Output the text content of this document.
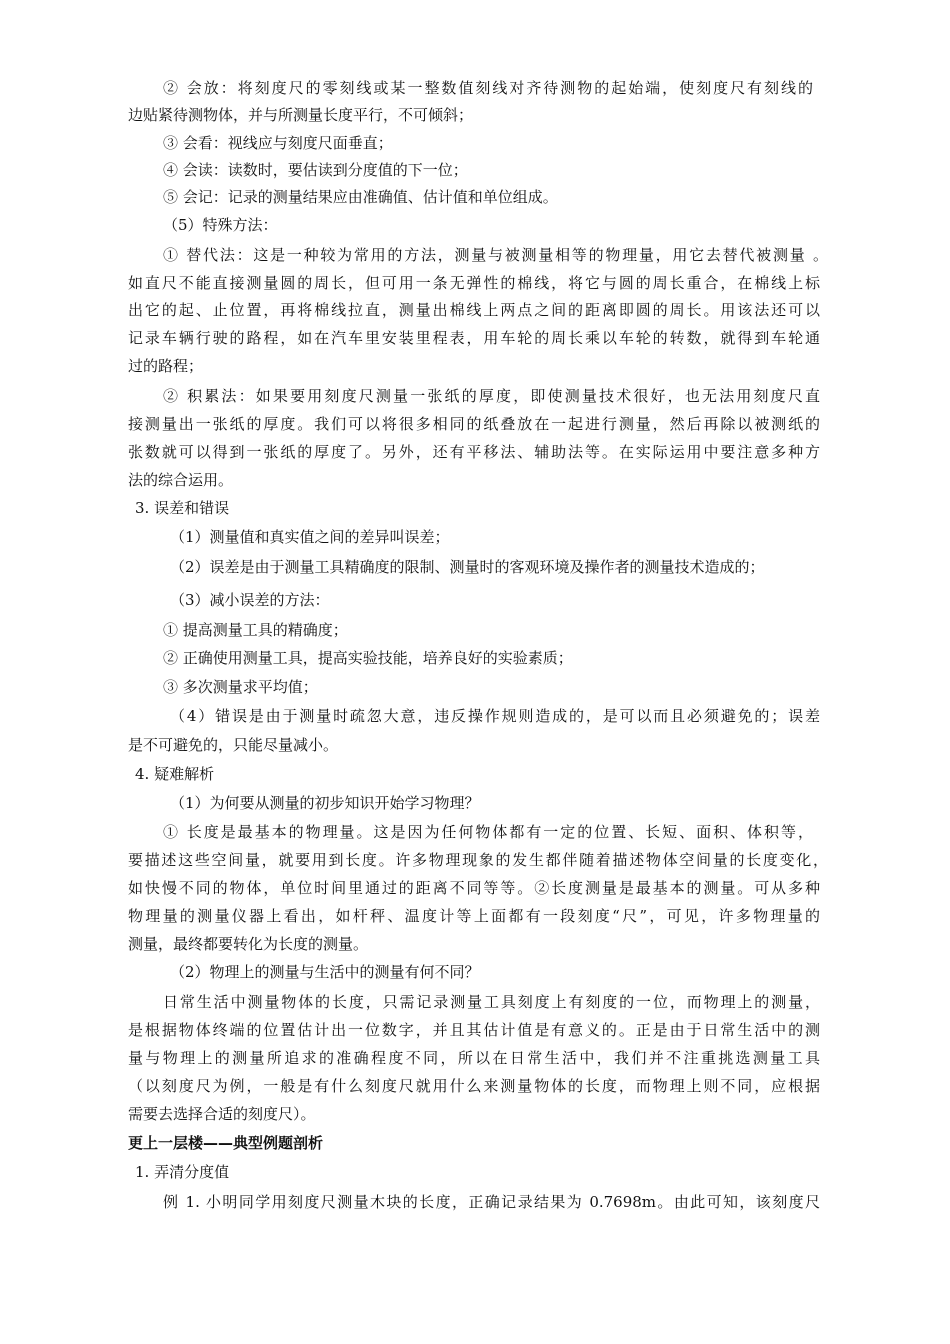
② 会放：将刻度尺的零刻线或某一整数值刻线对齐待测物的起始端，使刻度尺有刻线的
边贴紧待测物体，并与所测量长度平行，不可倾斜；
③ 会看：视线应与刻度尺面垂直；
④ 会读：读数时，要估读到分度值的下一位；
⑤ 会记：记录的测量结果应由准确值、估计值和单位组成。
（5）特殊方法：
① 替代法：这是一种较为常用的方法，测量与被测量相等的物理量，用它去替代被测量 。
如直尺不能直接测量圆的周长，但可用一条无弹性的棉线，将它与圆的周长重合，在棉线上标
出它的起、止位置，再将棉线拉直，测量出棉线上两点之间的距离即圆的周长。用该法还可以
记录车辆行驶的路程，如在汽车里安装里程表，用车轮的周长乘以车轮的转数，就得到车轮通
过的路程；
② 积累法：如果要用刻度尺测量一张纸的厚度，即使测量技术很好，也无法用刻度尺直
接测量出一张纸的厚度。我们可以将很多相同的纸叠放在一起进行测量，然后再除以被测纸的
张数就可以得到一张纸的厚度了。另外，还有平移法、辅助法等。在实际运用中要注意多种方
法的综合运用。
3. 误差和错误
（1）测量值和真实值之间的差异叫误差；
（2）误差是由于测量工具精确度的限制、测量时的客观环境及操作者的测量技术造成的；
（3）减小误差的方法：
① 提高测量工具的精确度；
② 正确使用测量工具，提高实验技能，培养良好的实验素质；
③ 多次测量求平均值；
（4）错误是由于测量时疏忽大意，违反操作规则造成的，是可以而且必须避免的；误差
是不可避免的，只能尽量减小。
4. 疑难解析
（1）为何要从测量的初步知识开始学习物理？
① 长度是最基本的物理量。这是因为任何物体都有一定的位置、长短、面积、体积等，
要描述这些空间量，就要用到长度。许多物理现象的发生都伴随着描述物体空间量的长度变化，
如快慢不同的物体，单位时间里通过的距离不同等等。②长度测量是最基本的测量。可从多种
物理量的测量仪器上看出，如杆秤、温度计等上面都有一段刻度“尺”，可见，许多物理量的
测量，最终都要转化为长度的测量。
（2）物理上的测量与生活中的测量有何不同？
日常生活中测量物体的长度，只需记录测量工具刻度上有刻度的一位，而物理上的测量，
是根据物体终端的位置估计出一位数字，并且其估计值是有意义的。正是由于日常生活中的测
量与物理上的测量所追求的准确程度不同，所以在日常生活中，我们并不注重挑选测量工具
（以刻度尺为例，一般是有什么刻度尺就用什么来测量物体的长度，而物理上则不同，应根据
需要去选择合适的刻度尺）。
更上一层楼——典型例题剖析
1. 弄清分度值
例 1. 小明同学用刻度尺测量木块的长度，正确记录结果为 0.7698m。由此可知，该刻度尺
